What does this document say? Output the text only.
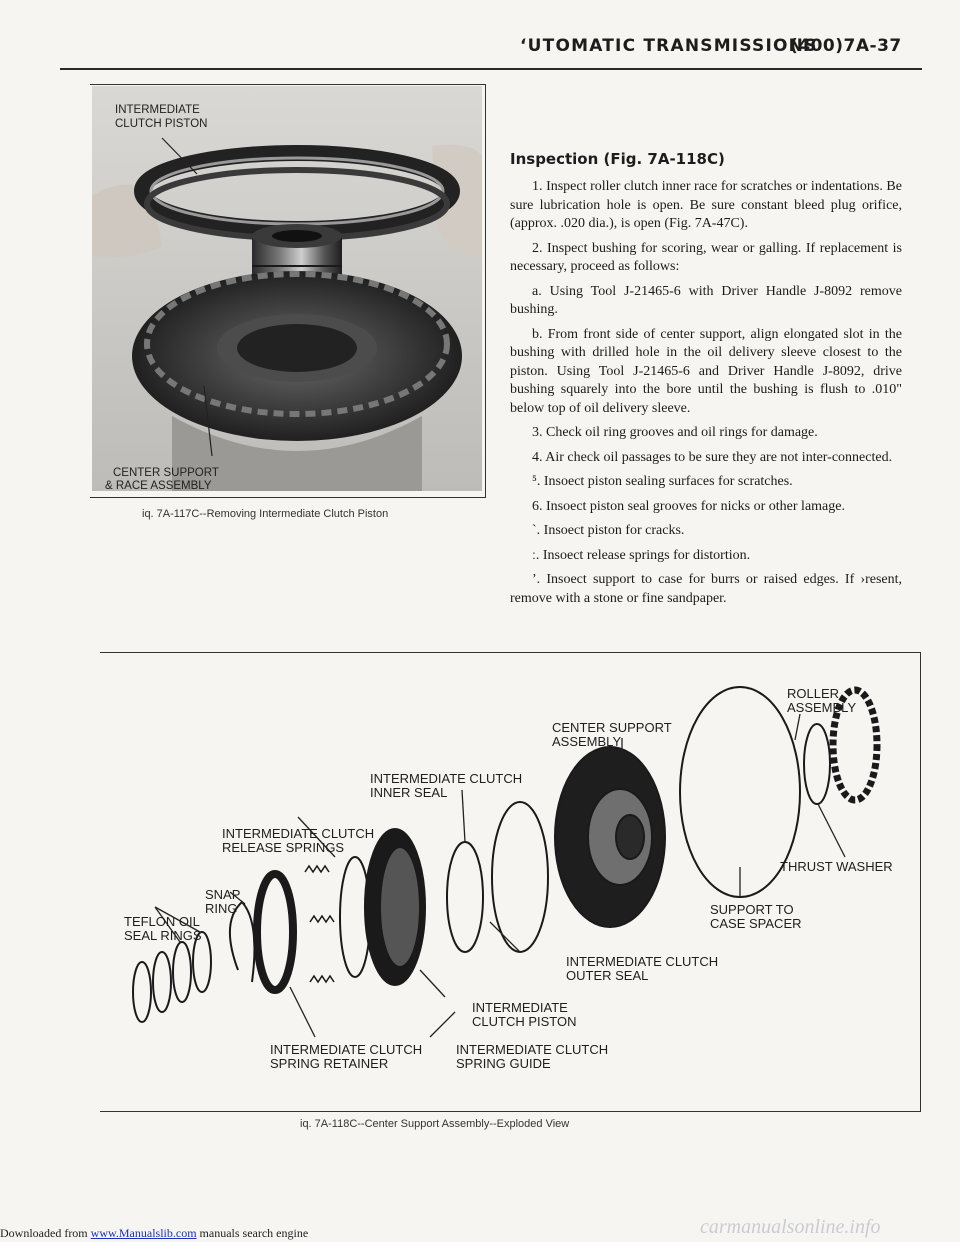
‘UTOMATIC TRANSMISSIONS
(400)7A-37
INTERMEDIATE
CLUTCH PISTON
CENTER SUPPORT
& RACE ASSEMBLY
iq. 7A-117C--Removing Intermediate Clutch Piston
Inspection (Fig. 7A-118C)

1. Inspect roller clutch inner race for scratches or indentations. Be sure lubrication hole is open. Be sure constant bleed plug orifice, (approx. .020 dia.), is open (Fig. 7A-47C).

2. Inspect bushing for scoring, wear or galling. If replacement is necessary, proceed as follows:

a. Using Tool J-21465-6 with Driver Handle J-8092 remove bushing.

b. From front side of center support, align elongated slot in the bushing with drilled hole in the oil delivery sleeve closest to the piston. Using Tool J-21465-6 and Driver Handle J-8092, drive bushing squarely into the bore until the bushing is flush to .010" below top of oil delivery sleeve.

3. Check oil ring grooves and oil rings for damage.

4. Air check oil passages to be sure they are not inter-connected.

⁵. Insoect piston sealing surfaces for scratches.

6. Insoect piston seal grooves for nicks or other lamage.

`. Insoect piston for cracks.

ː. Insoect release springs for distortion.

ʼ. Insoect support to case for burrs or raised edges. If ›resent, remove with a stone or fine sandpaper.

ROLLER
ASSEMBLY
CENTER SUPPORT
ASSEMBLY
INTERMEDIATE CLUTCH
INNER SEAL
INTERMEDIATE CLUTCH
RELEASE SPRINGS
THRUST WASHER
SNAP
RING
TEFLON OIL
SEAL RINGS
SUPPORT TO
CASE SPACER
INTERMEDIATE CLUTCH
OUTER SEAL
INTERMEDIATE
CLUTCH PISTON
INTERMEDIATE CLUTCH
SPRING RETAINER
INTERMEDIATE CLUTCH
SPRING GUIDE
iq. 7A-118C--Center Support Assembly--Exploded View
Downloaded from www.Manualslib.com manuals search engine	carmanualsonline.info
